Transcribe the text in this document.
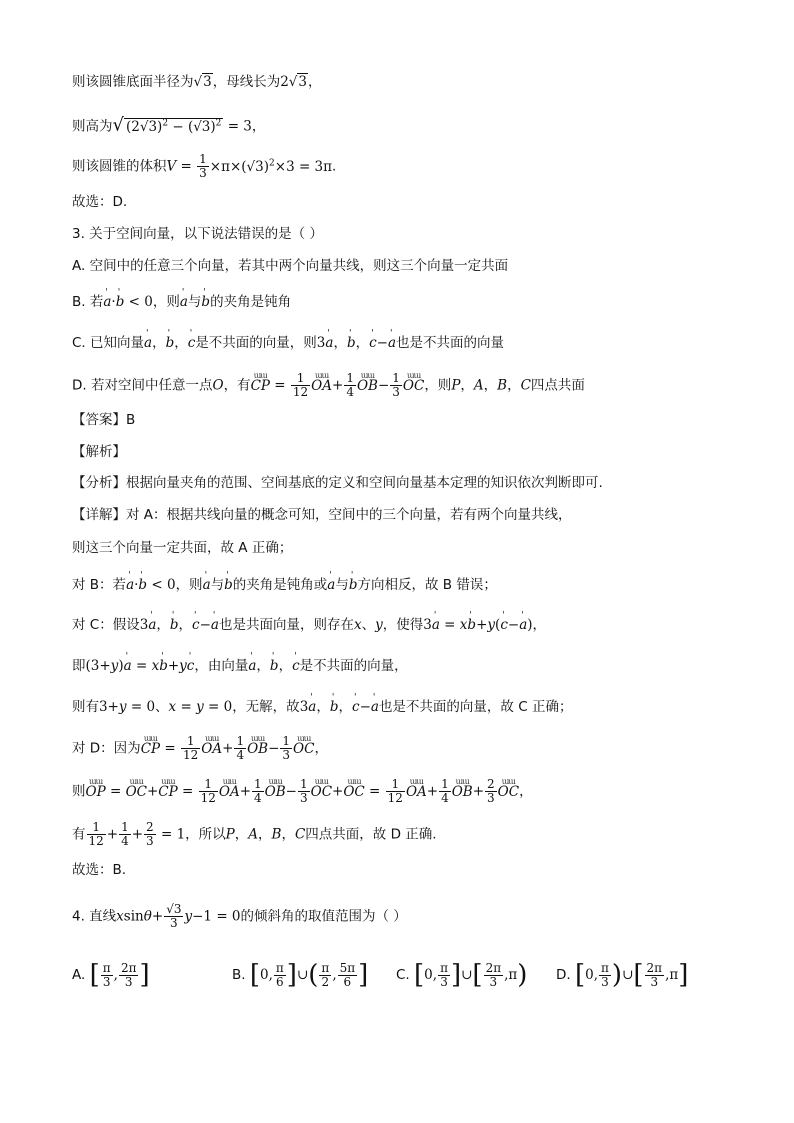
则该圆锥底面半径为√3，母线长为2√3，
则高为√ $(2√3)^2 - (√3)^2 = 3$，
则该圆锥的体积$V = \frac{1}{3} \times\pi\times(√3)^2\times 3 = 3\pi$.
故选：D.
3. 关于空间向量，以下说法错误的是（ ）
A. 空间中的任意三个向量，若其中两个向量共线，则这三个向量一定共面
B. 若' a·' b < 0，则' a与' b的夹角是钝角
C. 已知向量' a，' b，' c是不共面的向量，则3' a，' b，' c−' a也是不共面的向量
D. 若对空间中任意一点O，有ɯɯ CP = $\frac{1}{12}$ ɯɯ $OA+ \frac{1}{4}$ ɯɯ $OB- \frac{1}{3}$ ɯɯ OC，则P，A，B，C四点共面
【答案】B
【解析】
【分析】根据向量夹角的范围、空间基底的定义和空间向量基本定理的知识依次判断即可.
【详解】对 A：根据共线向量的概念可知，空间中的三个向量，若有两个向量共线，
则这三个向量一定共面，故 A 正确；
对 B：若' a·' b < 0，则' a与' b的夹角是钝角或' a与' b方向相反，故 B 错误；
对 C：假设3' a，' b，' c−' a也是共面向量，则存在x、y，使得3' a = x' b+y(' c−' a)，
即(3+y)' a = x' b+y' c，由向量' a，' b，' c是不共面的向量，
则有3+y = 0、x = y = 0，无解，故3' a，' b，' c−' a也是不共面的向量，故 C 正确；
对 D：因为ɯɯ CP = $\frac{1}{12}$ ɯɯ $OA+ \frac{1}{4}$ ɯɯ $OB- \frac{1}{3}$ ɯɯ OC，
则ɯɯ OP = ɯɯ OC+ɯɯ CP = $\frac{1}{12}$ ɯɯ $OA+ \frac{1}{4}$ ɯɯ $OB- \frac{1}{3}$ ɯɯ OC+ɯɯ OC = $\frac{1}{12}$ ɯɯ $OA+ \frac{1}{4}$ ɯɯ $OB+ \frac{2}{3}$ ɯɯ OC，
有 $\frac{1}{12} + \frac{1}{4} + \frac{2}{3} = 1$，所以P，A，B，C四点共面，故 D 正确.
故选：B.
4. 直线$xsin\theta+ \frac{√3}{3} y-1 = 0$的倾斜角的取值范围为（ ）
A. [ $\frac{\pi}{3}$ , $\frac{2\pi}{3}$ ]	B. [0, $\frac{\pi}{6}$ ]∪( $\frac{\pi}{2}$ , $\frac{5\pi}{6}$ ] C. [0, $\frac{\pi}{3}$ ]∪[ $\frac{2\pi}{3} ,\pi$) D. [0, $\frac{\pi}{3}$ )∪[ $\frac{2\pi}{3} ,\pi$]
